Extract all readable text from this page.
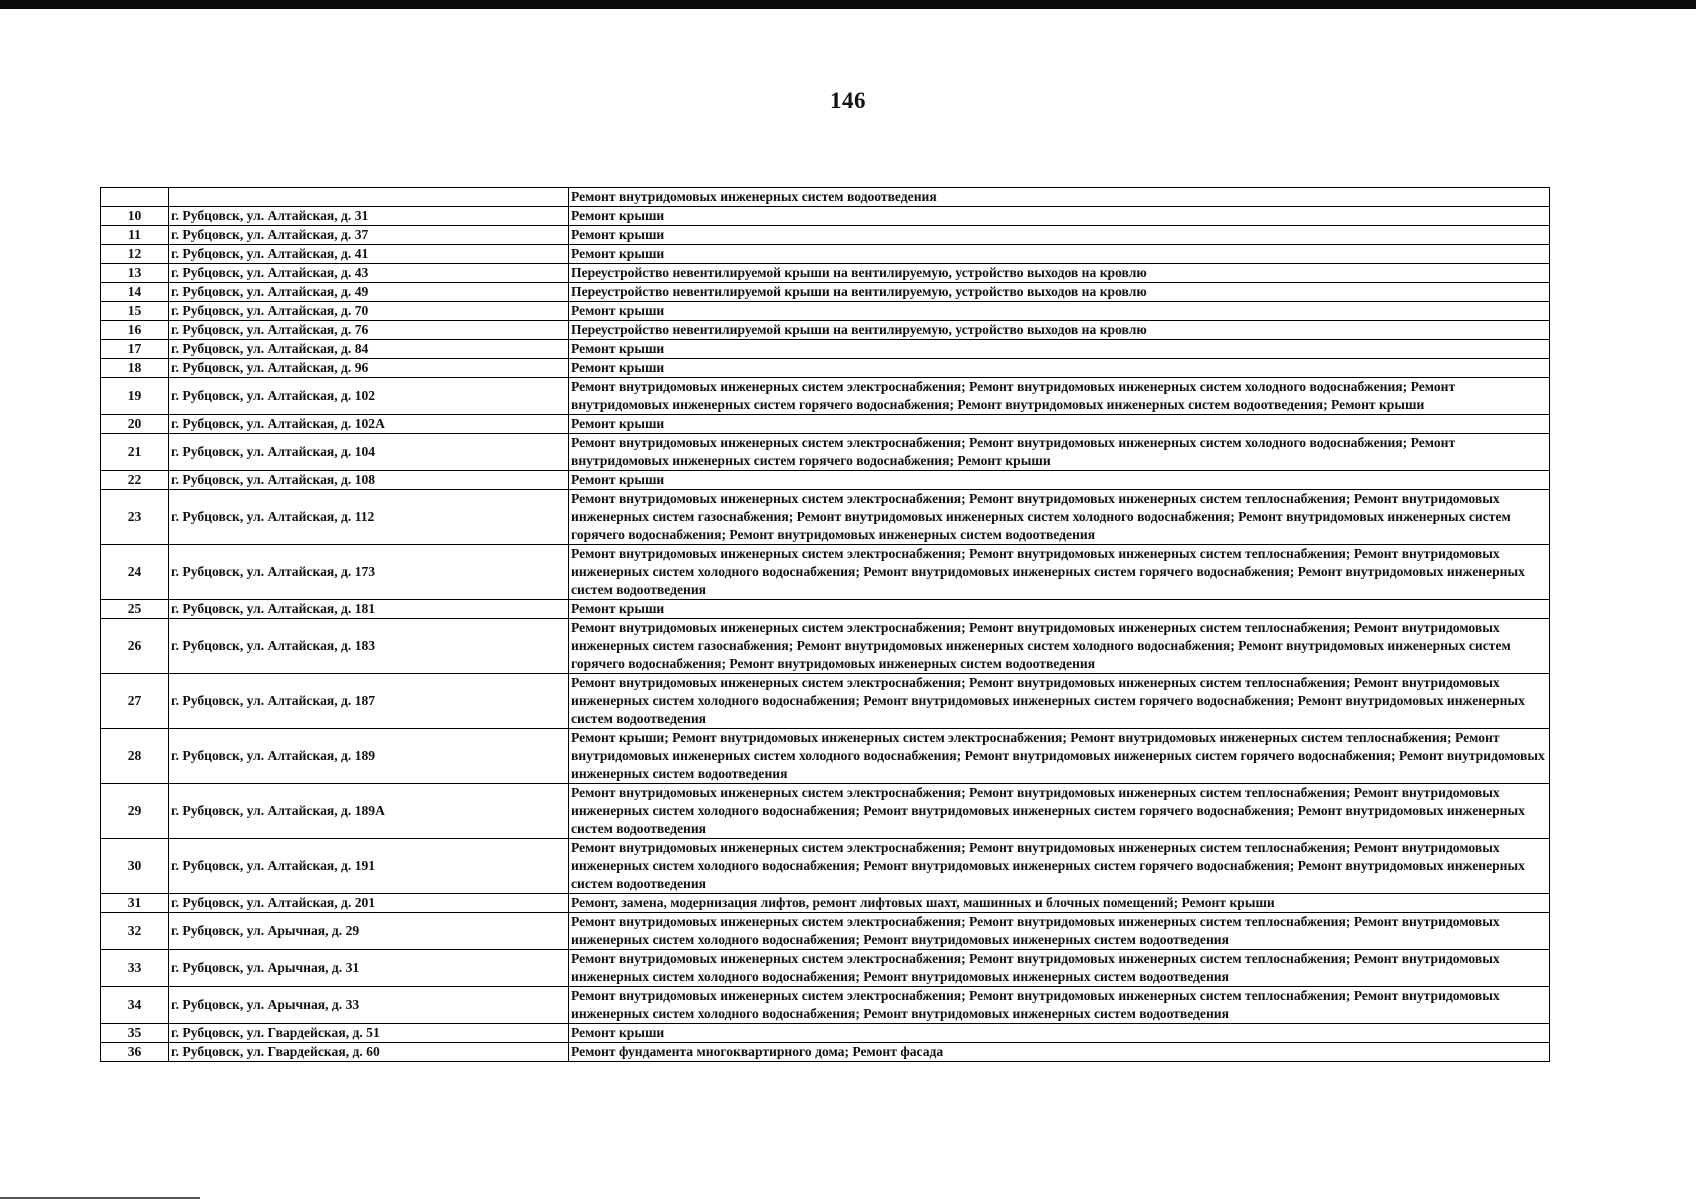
146
		Ремонт внутридомовых инженерных систем водоотведения
10	г. Рубцовск, ул. Алтайская, д. 31	Ремонт крыши
11	г. Рубцовск, ул. Алтайская, д. 37	Ремонт крыши
12	г. Рубцовск, ул. Алтайская, д. 41	Ремонт крыши
13	г. Рубцовск, ул. Алтайская, д. 43	Переустройство невентилируемой крыши на вентилируемую, устройство выходов на кровлю
14	г. Рубцовск, ул. Алтайская, д. 49	Переустройство невентилируемой крыши на вентилируемую, устройство выходов на кровлю
15	г. Рубцовск, ул. Алтайская, д. 70	Ремонт крыши
16	г. Рубцовск, ул. Алтайская, д. 76	Переустройство невентилируемой крыши на вентилируемую, устройство выходов на кровлю
17	г. Рубцовск, ул. Алтайская, д. 84	Ремонт крыши
18	г. Рубцовск, ул. Алтайская, д. 96	Ремонт крыши
19	г. Рубцовск, ул. Алтайская, д. 102	Ремонт внутридомовых инженерных систем электроснабжения; Ремонт внутридомовых инженерных систем холодного водоснабжения; Ремонт внутридомовых инженерных систем горячего водоснабжения; Ремонт внутридомовых инженерных систем водоотведения; Ремонт крыши
20	г. Рубцовск, ул. Алтайская, д. 102А	Ремонт крыши
21	г. Рубцовск, ул. Алтайская, д. 104	Ремонт внутридомовых инженерных систем электроснабжения; Ремонт внутридомовых инженерных систем холодного водоснабжения; Ремонт внутридомовых инженерных систем горячего водоснабжения; Ремонт крыши
22	г. Рубцовск, ул. Алтайская, д. 108	Ремонт крыши
23	г. Рубцовск, ул. Алтайская, д. 112	Ремонт внутридомовых инженерных систем электроснабжения; Ремонт внутридомовых инженерных систем теплоснабжения; Ремонт внутридомовых инженерных систем газоснабжения; Ремонт внутридомовых инженерных систем холодного водоснабжения; Ремонт внутридомовых инженерных систем горячего водоснабжения; Ремонт внутридомовых инженерных систем водоотведения
24	г. Рубцовск, ул. Алтайская, д. 173	Ремонт внутридомовых инженерных систем электроснабжения; Ремонт внутридомовых инженерных систем теплоснабжения; Ремонт внутридомовых инженерных систем холодного водоснабжения; Ремонт внутридомовых инженерных систем горячего водоснабжения; Ремонт внутридомовых инженерных систем водоотведения
25	г. Рубцовск, ул. Алтайская, д. 181	Ремонт крыши
26	г. Рубцовск, ул. Алтайская, д. 183	Ремонт внутридомовых инженерных систем электроснабжения; Ремонт внутридомовых инженерных систем теплоснабжения; Ремонт внутридомовых инженерных систем газоснабжения; Ремонт внутридомовых инженерных систем холодного водоснабжения; Ремонт внутридомовых инженерных систем горячего водоснабжения; Ремонт внутридомовых инженерных систем водоотведения
27	г. Рубцовск, ул. Алтайская, д. 187	Ремонт внутридомовых инженерных систем электроснабжения; Ремонт внутридомовых инженерных систем теплоснабжения; Ремонт внутридомовых инженерных систем холодного водоснабжения; Ремонт внутридомовых инженерных систем горячего водоснабжения; Ремонт внутридомовых инженерных систем водоотведения
28	г. Рубцовск, ул. Алтайская, д. 189	Ремонт крыши; Ремонт внутридомовых инженерных систем электроснабжения; Ремонт внутридомовых инженерных систем теплоснабжения; Ремонт внутридомовых инженерных систем холодного водоснабжения; Ремонт внутридомовых инженерных систем горячего водоснабжения; Ремонт внутридомовых инженерных систем водоотведения
29	г. Рубцовск, ул. Алтайская, д. 189А	Ремонт внутридомовых инженерных систем электроснабжения; Ремонт внутридомовых инженерных систем теплоснабжения; Ремонт внутридомовых инженерных систем холодного водоснабжения; Ремонт внутридомовых инженерных систем горячего водоснабжения; Ремонт внутридомовых инженерных систем водоотведения
30	г. Рубцовск, ул. Алтайская, д. 191	Ремонт внутридомовых инженерных систем электроснабжения; Ремонт внутридомовых инженерных систем теплоснабжения; Ремонт внутридомовых инженерных систем холодного водоснабжения; Ремонт внутридомовых инженерных систем горячего водоснабжения; Ремонт внутридомовых инженерных систем водоотведения
31	г. Рубцовск, ул. Алтайская, д. 201	Ремонт, замена, модернизация лифтов, ремонт лифтовых шахт, машинных и блочных помещений; Ремонт крыши
32	г. Рубцовск, ул. Арычная, д. 29	Ремонт внутридомовых инженерных систем электроснабжения; Ремонт внутридомовых инженерных систем теплоснабжения; Ремонт внутридомовых инженерных систем холодного водоснабжения; Ремонт внутридомовых инженерных систем водоотведения
33	г. Рубцовск, ул. Арычная, д. 31	Ремонт внутридомовых инженерных систем электроснабжения; Ремонт внутридомовых инженерных систем теплоснабжения; Ремонт внутридомовых инженерных систем холодного водоснабжения; Ремонт внутридомовых инженерных систем водоотведения
34	г. Рубцовск, ул. Арычная, д. 33	Ремонт внутридомовых инженерных систем электроснабжения; Ремонт внутридомовых инженерных систем теплоснабжения; Ремонт внутридомовых инженерных систем холодного водоснабжения; Ремонт внутридомовых инженерных систем водоотведения
35	г. Рубцовск, ул. Гвардейская, д. 51	Ремонт крыши
36	г. Рубцовск, ул. Гвардейская, д. 60	Ремонт фундамента многоквартирного дома; Ремонт фасада
